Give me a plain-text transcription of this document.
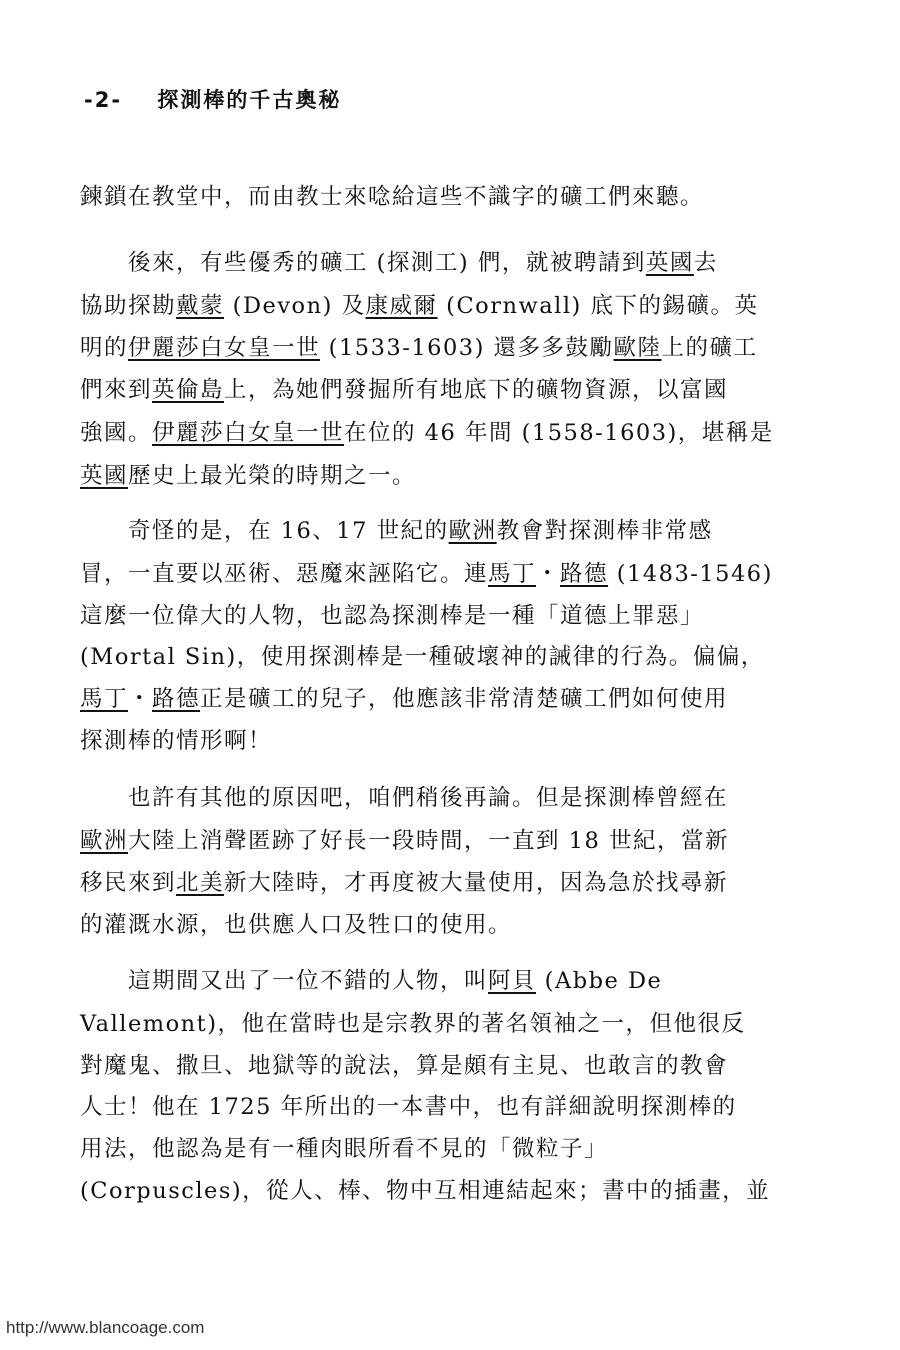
-2- 探測棒的千古奧秘
鍊鎖在教堂中，而由教士來唸給這些不識字的礦工們來聽。
　　後來，有些優秀的礦工 (探測工) 們，就被聘請到英國去
協助探勘戴蒙 (Devon) 及康威爾 (Cornwall) 底下的錫礦。英
明的伊麗莎白女皇一世 (1533-1603) 還多多鼓勵歐陸上的礦工
們來到英倫島上，為她們發掘所有地底下的礦物資源，以富國
強國。伊麗莎白女皇一世在位的 46 年間 (1558-1603)，堪稱是
英國歷史上最光榮的時期之一。
　　奇怪的是，在 16、17 世紀的歐洲教會對探測棒非常感
冒，一直要以巫術、惡魔來誣陷它。連馬丁・路德 (1483-1546)
這麼一位偉大的人物，也認為探測棒是一種「道德上罪惡」
(Mortal Sin)，使用探測棒是一種破壞神的誡律的行為。偏偏，
馬丁・路德正是礦工的兒子，他應該非常清楚礦工們如何使用
探測棒的情形啊！
　　也許有其他的原因吧，咱們稍後再論。但是探測棒曾經在
歐洲大陸上消聲匿跡了好長一段時間，一直到 18 世紀，當新
移民來到北美新大陸時，才再度被大量使用，因為急於找尋新
的灌溉水源，也供應人口及牲口的使用。
　　這期間又出了一位不錯的人物，叫阿貝 (Abbe De
Vallemont)，他在當時也是宗教界的著名領袖之一，但他很反
對魔鬼、撒旦、地獄等的說法，算是頗有主見、也敢言的教會
人士！他在 1725 年所出的一本書中，也有詳細說明探測棒的
用法，他認為是有一種肉眼所看不見的「微粒子」
(Corpuscles)，從人、棒、物中互相連結起來；書中的插畫，並
http://www.blancoage.com
